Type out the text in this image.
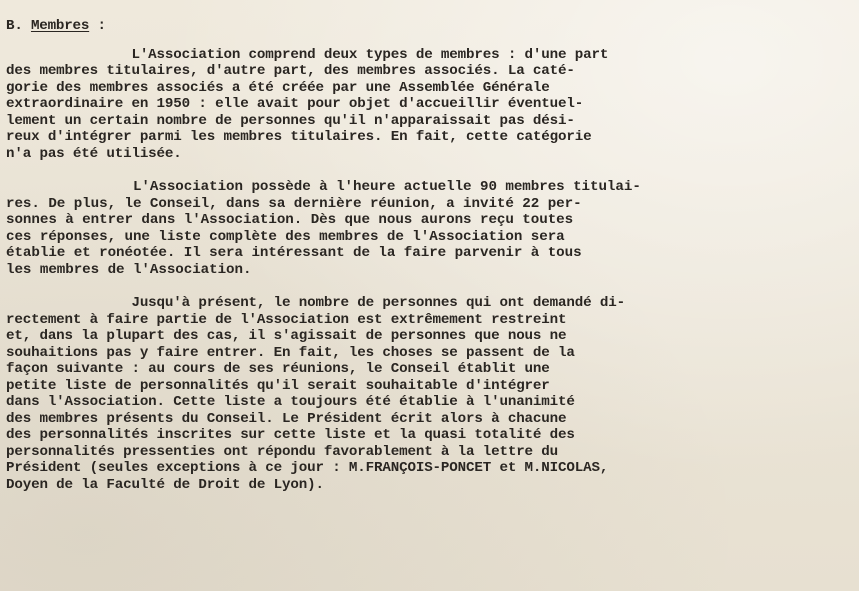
B. Membres :
L'Association comprend deux types de membres : d'une part
des membres titulaires, d'autre part, des membres associés. La caté-
gorie des membres associés a été créée par une Assemblée Générale
extraordinaire en 1950 : elle avait pour objet d'accueillir éventuel-
lement un certain nombre de personnes qu'il n'apparaissait pas dési-
reux d'intégrer parmi les membres titulaires. En fait, cette catégorie
n'a pas été utilisée.
L'Association possède à l'heure actuelle 90 membres titulai-
res. De plus, le Conseil, dans sa dernière réunion, a invité 22 per-
sonnes à entrer dans l'Association. Dès que nous aurons reçu toutes
ces réponses, une liste complète des membres de l'Association sera
établie et ronéotée. Il sera intéressant de la faire parvenir à tous
les membres de l'Association.
Jusqu'à présent, le nombre de personnes qui ont demandé di-
rectement à faire partie de l'Association est extrêmement restreint
et, dans la plupart des cas, il s'agissait de personnes que nous ne
souhaitions pas y faire entrer. En fait, les choses se passent de la
façon suivante : au cours de ses réunions, le Conseil établit une
petite liste de personnalités qu'il serait souhaitable d'intégrer
dans l'Association. Cette liste a toujours été établie à l'unanimité
des membres présents du Conseil. Le Président écrit alors à chacune
des personnalités inscrites sur cette liste et la quasi totalité des
personnalités pressenties ont répondu favorablement à la lettre du
Président (seules exceptions à ce jour : M.FRANÇOIS-PONCET et M.NICOLAS,
Doyen de la Faculté de Droit de Lyon).
